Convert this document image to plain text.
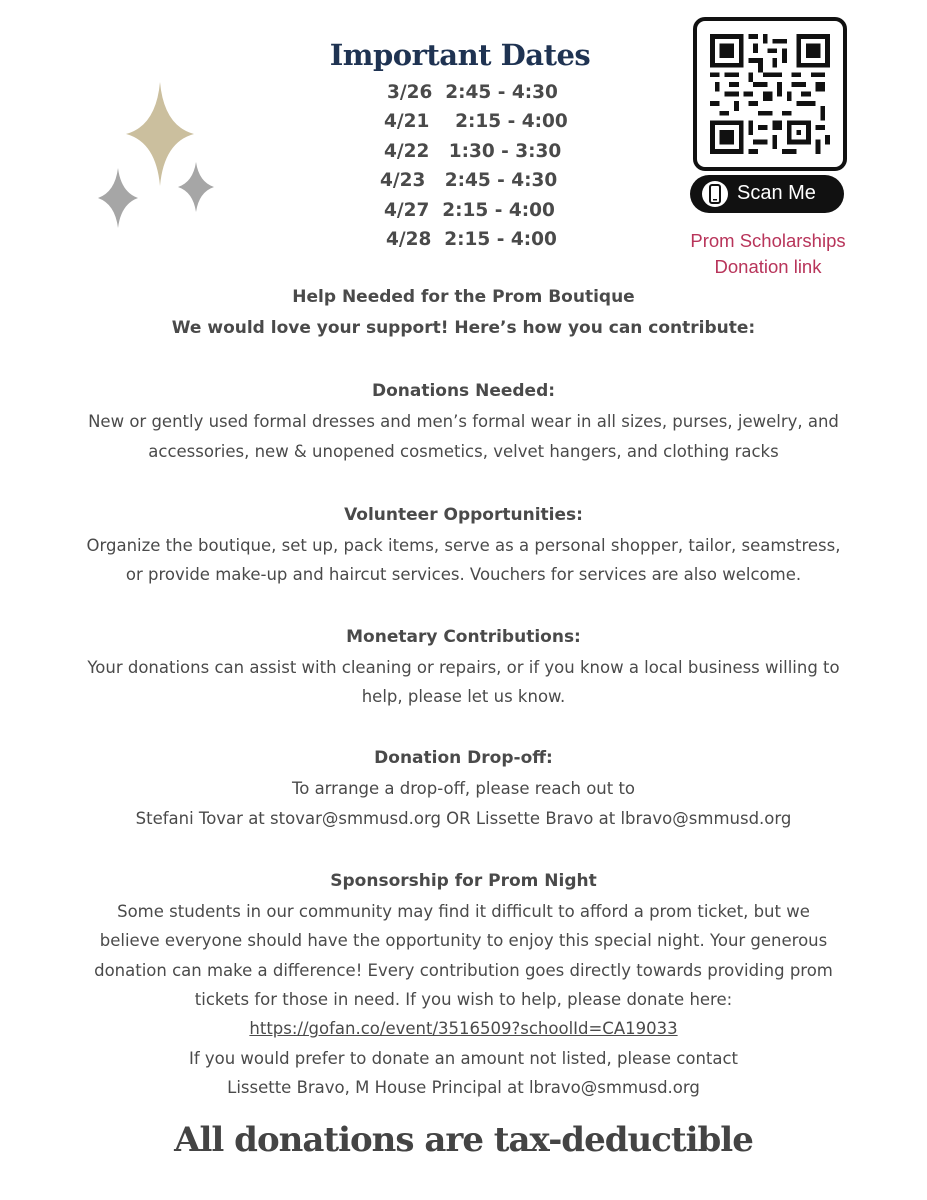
Important Dates
3/26  2:45 - 4:30
4/21    2:15 - 4:00
4/22   1:30 - 3:30
4/23   2:45 - 4:30
4/27  2:15 - 4:00
4/28  2:15 - 4:00
Scan Me
Prom Scholarships
Donation link
Help Needed for the Prom Boutique
We would love your support! Here’s how you can contribute:
Donations Needed:
New or gently used formal dresses and men’s formal wear in all sizes, purses, jewelry, and
accessories, new & unopened cosmetics, velvet hangers, and clothing racks
Volunteer Opportunities:
Organize the boutique, set up, pack items, serve as a personal shopper, tailor, seamstress,
or provide make-up and haircut services. Vouchers for services are also welcome.
Monetary Contributions:
Your donations can assist with cleaning or repairs, or if you know a local business willing to
help, please let us know.
Donation Drop-off:
To arrange a drop-off, please reach out to
Stefani Tovar at stovar@smmusd.org OR Lissette Bravo at lbravo@smmusd.org
Sponsorship for Prom Night
Some students in our community may find it difficult to afford a prom ticket, but we
believe everyone should have the opportunity to enjoy this special night. Your generous
donation can make a difference! Every contribution goes directly towards providing prom
tickets for those in need. If you wish to help, please donate here:
https://gofan.co/event/3516509?schoolId=CA19033
If you would prefer to donate an amount not listed, please contact
Lissette Bravo, M House Principal at lbravo@smmusd.org
All donations are tax-deductible
